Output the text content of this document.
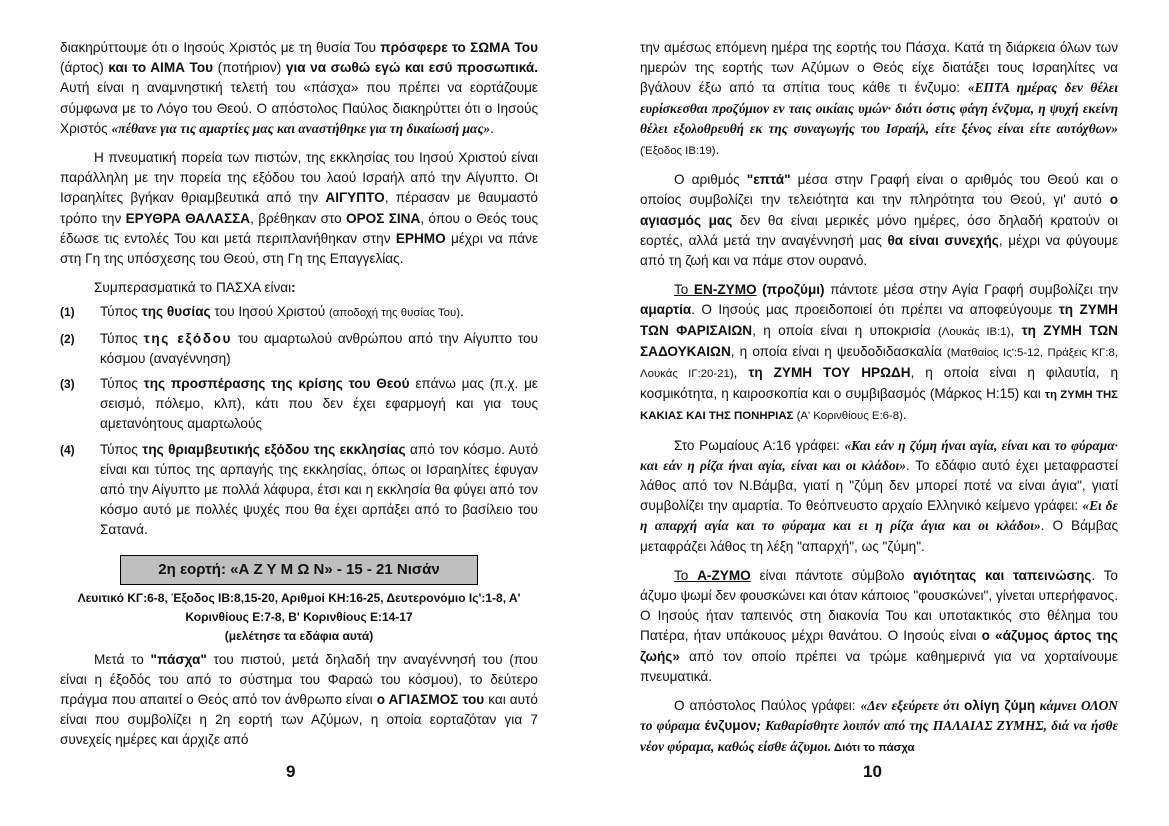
διακηρύττουμε ότι ο Ιησούς Χριστός με τη θυσία Του πρόσφερε το ΣΩΜΑ Του (άρτος) και το ΑΙΜΑ Του (ποτήριον) για να σωθώ εγώ και εσύ προσωπικά. Αυτή είναι η αναμνηστική τελετή του «πάσχα» που πρέπει να εορτάζουμε σύμφωνα με το Λόγο του Θεού. Ο απόστολος Παύλος διακηρύττει ότι ο Ιησούς Χριστός «πέθανε για τις αμαρτίες μας και αναστήθηκε για τη δικαίωσή μας».

Η πνευματική πορεία των πιστών, της εκκλησίας του Ιησού Χριστού είναι παράλληλη με την πορεία της εξόδου του λαού Ισραήλ από την Αίγυπτο. Οι Ισραηλίτες βγήκαν θριαμβευτικά από την ΑΙΓΥΠΤΟ, πέρασαν με θαυμαστό τρόπο την ΕΡΥΘΡΑ ΘΑΛΑΣΣΑ, βρέθηκαν στο ΟΡΟΣ ΣΙΝΑ, όπου ο Θεός τους έδωσε τις εντολές Του και μετά περιπλανήθηκαν στην ΕΡΗΜΟ μέχρι να πάνε στη Γη της υπόσχεσης του Θεού, στη Γη της Επαγγελίας.

Συμπερασματικά το ΠΑΣΧΑ είναι:

(1) Τύπος της θυσίας του Ιησού Χριστού (αποδοχή της θυσίας Του).
(2) Τύπος της εξόδου του αμαρτωλού ανθρώπου από την Αίγυπτο του κόσμου (αναγέννηση)
(3) Τύπος της προσπέρασης της κρίσης του Θεού επάνω μας (π.χ. με σεισμό, πόλεμο, κλπ), κάτι που δεν έχει εφαρμογή και για τους αμετανόητους αμαρτωλούς
(4) Τύπος της θριαμβευτικής εξόδου της εκκλησίας από τον κόσμο. Αυτό είναι και τύπος της αρπαγής της εκκλησίας, όπως οι Ισραηλίτες έφυγαν από την Αίγυπτο με πολλά λάφυρα, έτσι και η εκκλησία θα φύγει από τον κόσμο αυτό με πολλές ψυχές που θα έχει αρπάξει από το βασίλειο του Σατανά.
2η εορτή: «Α Ζ Υ Μ Ω Ν» - 15 - 21 Νισάν
Λευιτικό ΚΓ:6-8, Έξοδος ΙΒ:8,15-20, Αριθμοί ΚΗ:16-25, Δευτερονόμιο Ις':1-8, Α' Κορινθίους Ε:7-8, Β' Κορινθίους Ε:14-17
(μελέτησε τα εδάφια αυτά)

Μετά το "πάσχα" του πιστού, μετά δηλαδή την αναγέννησή του (που είναι η έξοδός του από το σύστημα του Φαραώ του κόσμου), το δεύτερο πράγμα που απαιτεί ο Θεός από τον άνθρωπο είναι ο ΑΓΙΑΣΜΟΣ του και αυτό είναι που συμβολίζει η 2η εορτή των Αζύμων, η οποία εορταζόταν για 7 συνεχείς ημέρες και άρχιζε από

9

την αμέσως επόμενη ημέρα της εορτής του Πάσχα. Κατά τη διάρκεια όλων των ημερών της εορτής των Αζύμων ο Θεός είχε διατάξει τους Ισραηλίτες να βγάλουν έξω από τα σπίτια τους κάθε τι ένζυμο: «ΕΠΤΑ ημέρας δεν θέλει ευρίσκεσθαι προζύμιον εν ταις οικίαις υμών· διότι όστις φάγη ένζυμα, η ψυχή εκείνη θέλει εξολοθρευθή εκ της συναγωγής του Ισραήλ, είτε ξένος είναι είτε αυτόχθων» (Έξοδος ΙΒ:19).

Ο αριθμός "επτά" μέσα στην Γραφή είναι ο αριθμός του Θεού και ο οποίος συμβολίζει την τελειότητα και την πληρότητα του Θεού, γι' αυτό ο αγιασμός μας δεν θα είναι μερικές μόνο ημέρες, όσο δηλαδή κρατούν οι εορτές, αλλά μετά την αναγέννησή μας θα είναι συνεχής, μέχρι να φύγουμε από τη ζωή και να πάμε στον ουρανό.

Το ΕΝ-ΖΥΜΟ (προζύμι) πάντοτε μέσα στην Αγία Γραφή συμβολίζει την αμαρτία. Ο Ιησούς μας προειδοποιεί ότι πρέπει να αποφεύγουμε τη ΖΥΜΗ ΤΩΝ ΦΑΡΙΣΑΙΩΝ, η οποία είναι η υποκρισία (Λουκάς ΙΒ:1), τη ΖΥΜΗ ΤΩΝ ΣΑΔΟΥΚΑΙΩΝ, η οποία είναι η ψευδοδιδασκαλία (Ματθαίος Ις':5-12, Πράξεις ΚΓ:8, Λουκάς ΙΓ:20-21), τη ΖΥΜΗ ΤΟΥ ΗΡΩΔΗ, η οποία είναι η φιλαυτία, η κοσμικότητα, η καιροσκοπία και ο συμβιβασμός (Μάρκος Η:15) και τη ΖΥΜΗ ΤΗΣ ΚΑΚΙΑΣ ΚΑΙ ΤΗΣ ΠΟΝΗΡΙΑΣ (Α' Κορινθίους Ε:6-8).

Στο Ρωμαίους Α:16 γράφει: «Και εάν η ζύμη ήναι αγία, είναι και το φύραμα· και εάν η ρίζα ήναι αγία, είναι και οι κλάδοι». Το εδάφιο αυτό έχει μεταφραστεί λάθος από τον Ν.Βάμβα, γιατί η "ζύμη δεν μπορεί ποτέ να είναι άγια", γιατί συμβολίζει την αμαρτία. Το θεόπνευστο αρχαίο Ελληνικό κείμενο γράφει: «Ει δε η απαρχή αγία και το φύραμα και ει η ρίζα άγια και οι κλάδοι». Ο Βάμβας μεταφράζει λάθος τη λέξη "απαρχή", ως "ζύμη".

Το Α-ΖΥΜΟ είναι πάντοτε σύμβολο αγιότητας και ταπεινώσης. Το άζυμο ψωμί δεν φουσκώνει και όταν κάποιος "φουσκώνει", γίνεται υπερήφανος. Ο Ιησούς ήταν ταπεινός στη διακονία Του και υποτακτικός στο θέλημα του Πατέρα, ήταν υπάκουος μέχρι θανάτου. Ο Ιησούς είναι ο «άζυμος άρτος της ζωής» από τον οποίο πρέπει να τρώμε καθημερινά για να χορταίνουμε πνευματικά.

Ο απόστολος Παύλος γράφει: «Δεν εξεύρετε ότι ολίγη ζύμη κάμνει ΟΛΟΝ το φύραμα ένζυμον; Καθαρίσθητε λοιπόν από της ΠΑΛΑΙΑΣ ΖΥΜΗΣ, διά να ήσθε νέον φύραμα, καθώς είσθε άζυμοι. Διότι το πάσχα

10
